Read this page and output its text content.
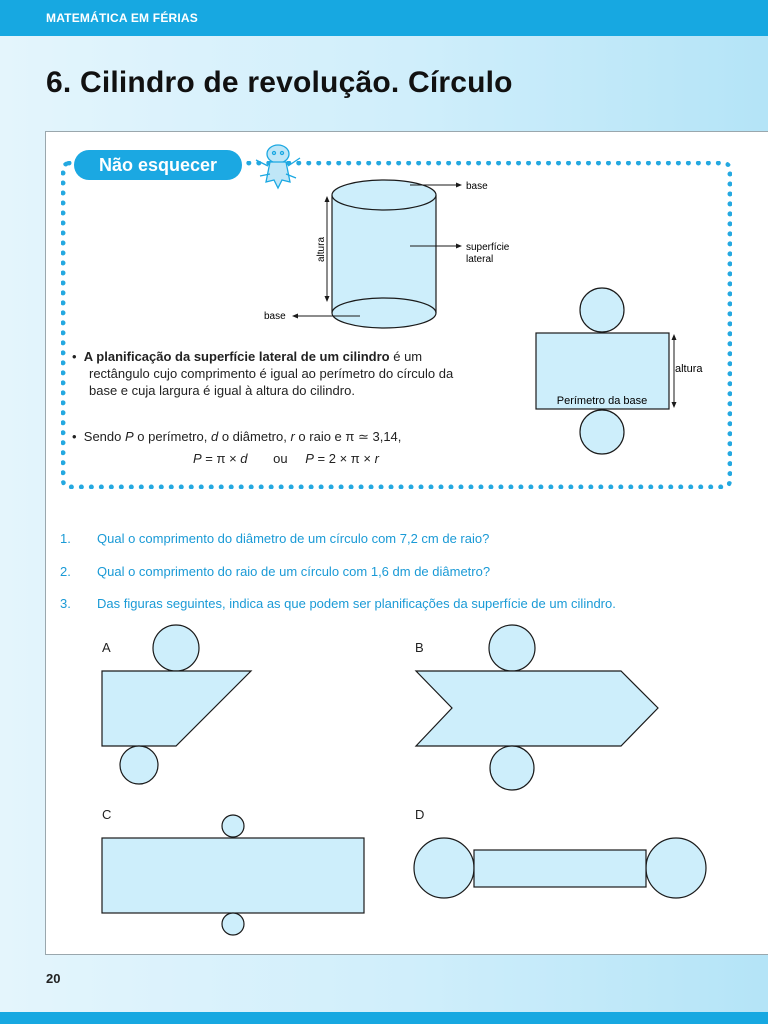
MATEMÁTICA EM FÉRIAS
6. Cilindro de revolução. Círculo
Não esquecer
altura
base
superfície
lateral
base
altura
Perímetro da base
•  A planificação da superfície lateral de um cilindro é um
rectângulo cujo comprimento é igual ao perímetro do círculo da
base e cuja largura é igual à altura do cilindro.
•  Sendo P o perímetro, d o diâmetro, r o raio e π ≃ 3,14,
P = π × d ou P = 2 × π × r
1. Qual o comprimento do diâmetro de um círculo com 7,2 cm de raio?
2. Qual o comprimento do raio de um círculo com 1,6 dm de diâmetro?
3. Das figuras seguintes, indica as que podem ser planificações da superfície de um cilindro.
A	B
C	D
20
